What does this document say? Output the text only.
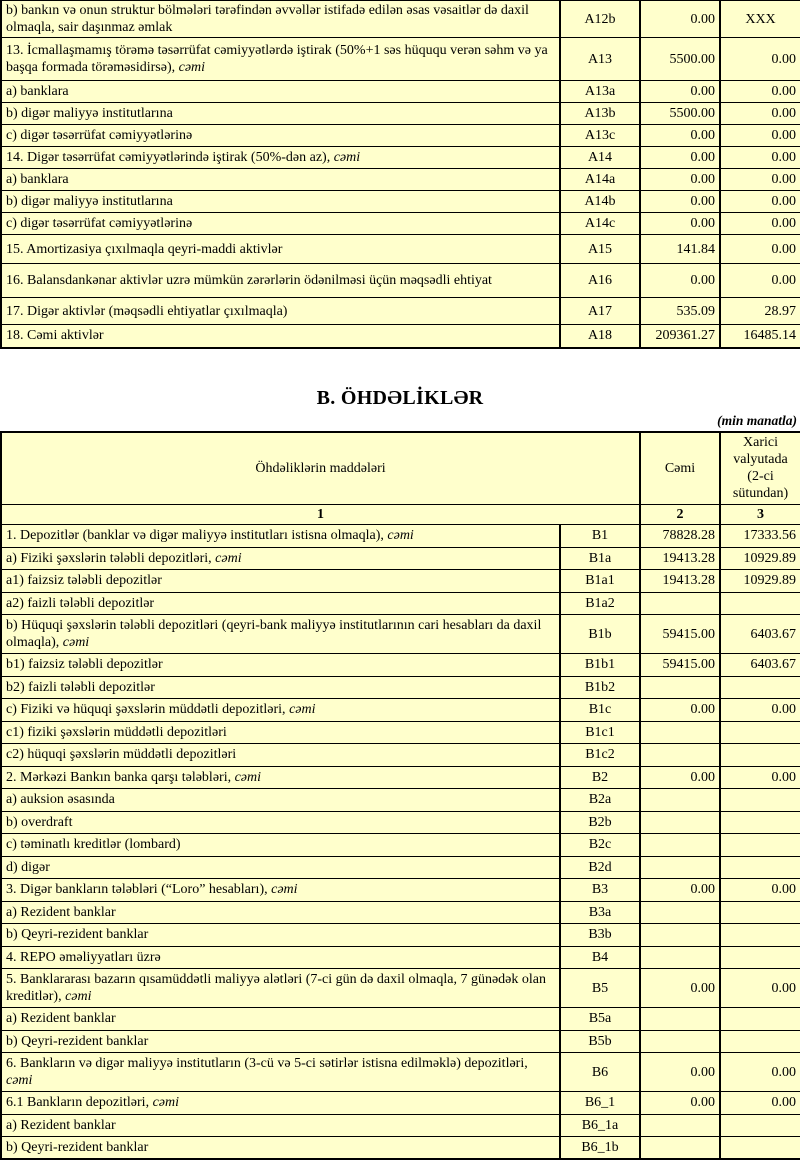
b) bankın və onun struktur bölmələri tərəfindən əvvəllər istifadə edilən əsas vəsaitlər də daxil olmaqla, sair daşınmaz əmlak	A12b	0.00	XXX
13. İcmallaşmamış törəmə təsərrüfat cəmiyyətlərdə iştirak (50%+1 səs hüququ verən səhm və ya başqa formada törəməsidirsə), cəmi	A13	5500.00	0.00
a) banklara	A13a	0.00	0.00
b) digər maliyyə institutlarına	A13b	5500.00	0.00
c) digər təsərrüfat cəmiyyətlərinə	A13c	0.00	0.00
14. Digər təsərrüfat cəmiyyətlərində iştirak (50%-dən az), cəmi	A14	0.00	0.00
a) banklara	A14a	0.00	0.00
b) digər maliyyə institutlarına	A14b	0.00	0.00
c) digər təsərrüfat cəmiyyətlərinə	A14c	0.00	0.00
15. Amortizasiya çıxılmaqla qeyri-maddi aktivlər	A15	141.84	0.00
16. Balansdankənar aktivlər uzrə mümkün zərərlərin ödənilməsi üçün məqsədli ehtiyat	A16	0.00	0.00
17. Digər aktivlər (məqsədli ehtiyatlar çıxılmaqla)	A17	535.09	28.97
18. Cəmi aktivlər	A18	209361.27	16485.14
B. ÖHDƏLİKLƏR
(min manatla)
Öhdəliklərin maddələri		Cəmi	Xarici valyutada (2-ci sütundan)
1		2	3
1. Depozitlər (banklar və digər maliyyə institutları istisna olmaqla), cəmi	B1	78828.28	17333.56
a) Fiziki şəxslərin tələbli depozitləri, cəmi	B1a	19413.28	10929.89
a1) faizsiz tələbli depozitlər	B1a1	19413.28	10929.89
a2) faizli tələbli depozitlər	B1a2		
b) Hüquqi şəxslərin tələbli depozitləri (qeyri-bank maliyyə institutlarının cari hesabları da daxil olmaqla), cəmi	B1b	59415.00	6403.67
b1) faizsiz tələbli depozitlər	B1b1	59415.00	6403.67
b2) faizli tələbli depozitlər	B1b2		
c) Fiziki və hüquqi şəxslərin müddətli depozitləri, cəmi	B1c	0.00	0.00
c1) fiziki şəxslərin müddətli depozitləri	B1c1		
c2) hüquqi şəxslərin müddətli depozitləri	B1c2		
2. Mərkəzi Bankın banka qarşı tələbləri, cəmi	B2	0.00	0.00
a) auksion əsasında	B2a		
b) overdraft	B2b		
c) təminatlı kreditlər (lombard)	B2c		
d) digər	B2d		
3. Digər bankların tələbləri (“Loro” hesabları), cəmi	B3	0.00	0.00
a) Rezident banklar	B3a		
b) Qeyri-rezident banklar	B3b		
4. REPO əməliyyatları üzrə	B4		
5. Banklararası bazarın qısamüddətli maliyyə alətləri (7-ci gün də daxil olmaqla, 7 günədək olan kreditlər), cəmi	B5	0.00	0.00
a) Rezident banklar	B5a		
b) Qeyri-rezident banklar	B5b		
6. Bankların və digər maliyyə institutların (3-cü və 5-ci sətirlər istisna edilməklə) depozitləri, cəmi	B6	0.00	0.00
6.1 Bankların depozitləri, cəmi	B6_1	0.00	0.00
a) Rezident banklar	B6_1a		
b) Qeyri-rezident banklar	B6_1b		
